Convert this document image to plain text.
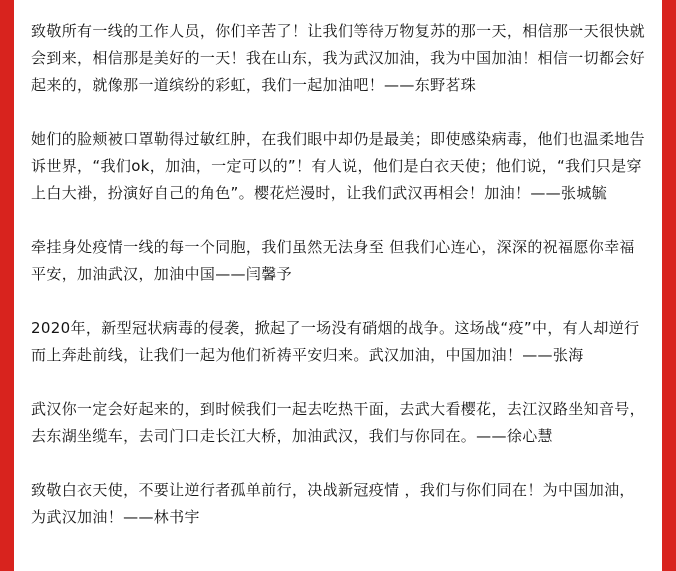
致敬所有一线的工作人员，你们辛苦了！让我们等待万物复苏的那一天，相信那一天很快就会到来，相信那是美好的一天！我在山东，我为武汉加油，我为中国加油！相信一切都会好起来的，就像那一道缤纷的彩虹，我们一起加油吧！——东野茗珠

她们的脸颊被口罩勒得过敏红肿，在我们眼中却仍是最美；即使感染病毒，他们也温柔地告诉世界，“我们ok，加油，一定可以的”！有人说，他们是白衣天使；他们说，“我们只是穿上白大褂，扮演好自己的角色”。樱花烂漫时，让我们武汉再相会！加油！——张城毓

牵挂身处疫情一线的每一个同胞，我们虽然无法身至 但我们心连心，深深的祝福愿你幸福平安，加油武汉，加油中国——闫馨予

2020年，新型冠状病毒的侵袭，掀起了一场没有硝烟的战争。这场战“疫”中，有人却逆行而上奔赴前线，让我们一起为他们祈祷平安归来。武汉加油，中国加油！——张海

武汉你一定会好起来的，到时候我们一起去吃热干面，去武大看樱花，去江汉路坐知音号，去东湖坐缆车，去司门口走长江大桥，加油武汉，我们与你同在。——徐心慧

致敬白衣天使，不要让逆行者孤单前行，决战新冠疫情 ，我们与你们同在！为中国加油，为武汉加油！——林书宇
